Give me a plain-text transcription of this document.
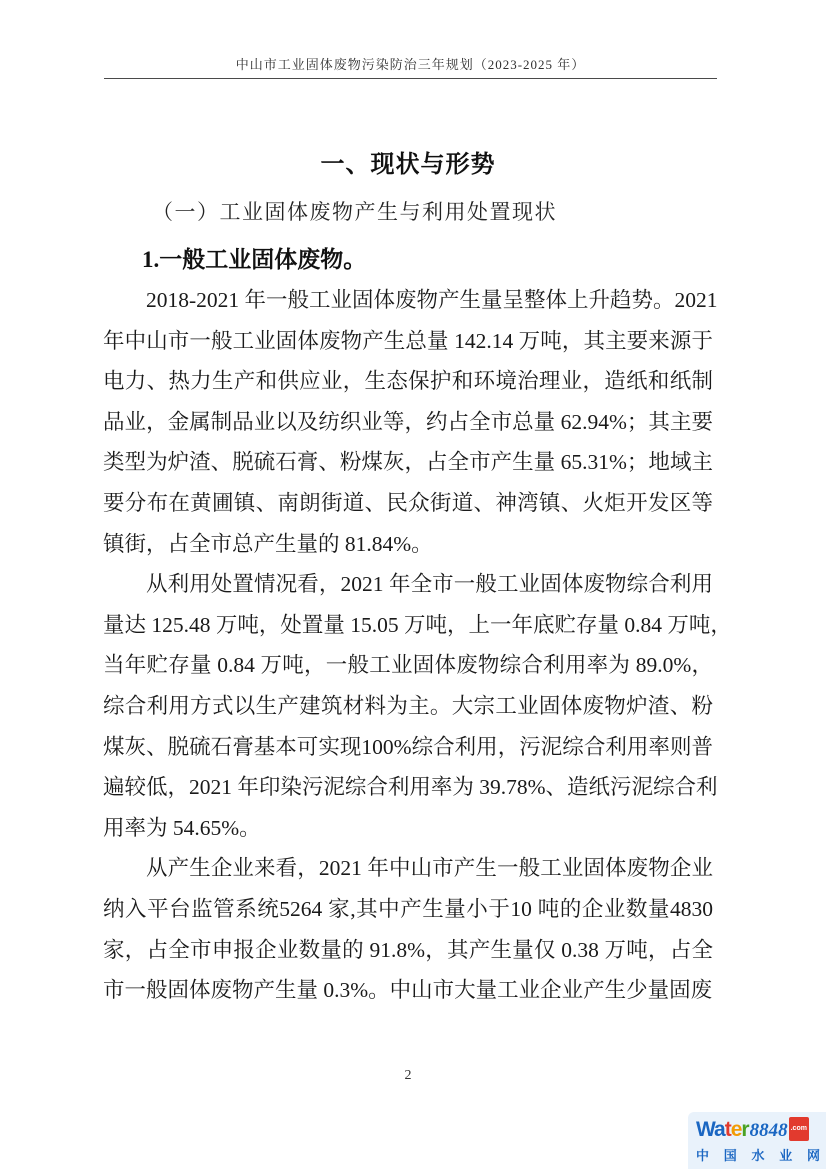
中山市工业固体废物污染防治三年规划（2023-2025 年）
一、现状与形势
（一）工业固体废物产生与利用处置现状
1.一般工业固体废物。
2018-2021 年一般工业固体废物产生量呈整体上升趋势。2021
年中山市一般工业固体废物产生总量 142.14 万吨，其主要来源于
电力、热力生产和供应业，生态保护和环境治理业，造纸和纸制
品业，金属制品业以及纺织业等，约占全市总量 62.94%；其主要
类型为炉渣、脱硫石膏、粉煤灰，占全市产生量 65.31%；地域主
要分布在黄圃镇、南朗街道、民众街道、神湾镇、火炬开发区等
镇街，占全市总产生量的 81.84%。
从利用处置情况看，2021 年全市一般工业固体废物综合利用
量达 125.48 万吨，处置量 15.05 万吨，上一年底贮存量 0.84 万吨，
当年贮存量 0.84 万吨，一般工业固体废物综合利用率为 89.0%，
综合利用方式以生产建筑材料为主。大宗工业固体废物炉渣、粉
煤灰、脱硫石膏基本可实现100%综合利用，污泥综合利用率则普
遍较低，2021 年印染污泥综合利用率为 39.78%、造纸污泥综合利
用率为 54.65%。
从产生企业来看，2021 年中山市产生一般工业固体废物企业
纳入平台监管系统5264 家,其中产生量小于10 吨的企业数量4830
家，占全市申报企业数量的 91.8%，其产生量仅 0.38 万吨，占全
市一般固体废物产生量 0.3%。中山市大量工业企业产生少量固废
2
Water 8848 .com
中 国 水 业 网
